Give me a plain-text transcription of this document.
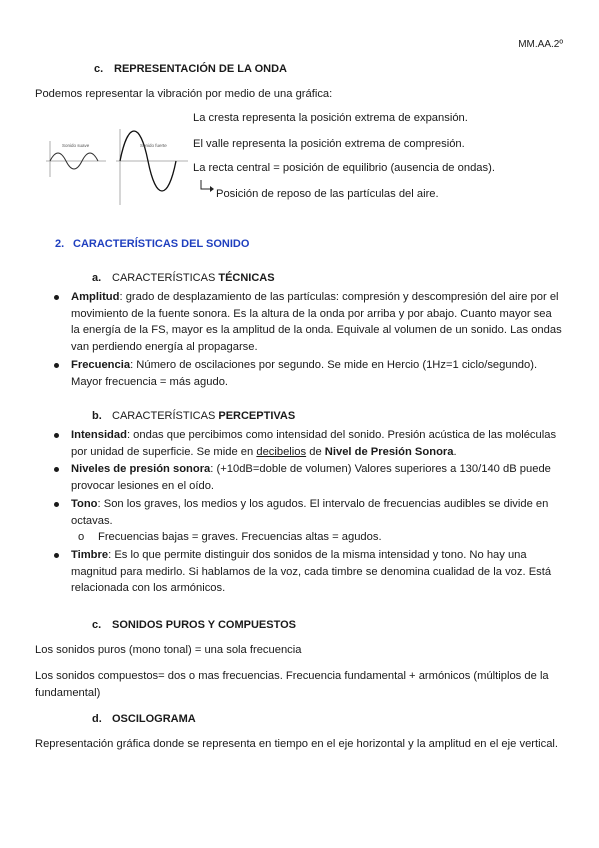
MM.AA.2º
c. REPRESENTACIÓN DE LA ONDA
Podemos representar la vibración por medio de una gráfica:
Sonido suave	Sonido fuerte
La cresta representa la posición extrema de expansión.
El valle representa la posición extrema de compresión.
La recta central = posición de equilibrio (ausencia de ondas).
Posición de reposo de las partículas del aire.
2. CARACTERÍSTICAS DEL SONIDO
a. CARACTERÍSTICAS TÉCNICAS
Amplitud: grado de desplazamiento de las partículas: compresión y descompresión del aire por el movimiento de la fuente sonora. Es la altura de la onda por arriba y por abajo. Cuanto mayor sea la energía de la FS, mayor es la amplitud de la onda. Equivale al volumen de un sonido. Las ondas van perdiendo energía al propagarse.
Frecuencia: Número de oscilaciones por segundo. Se mide en Hercio (1Hz=1 ciclo/segundo). Mayor frecuencia = más agudo.
b. CARACTERÍSTICAS PERCEPTIVAS
Intensidad: ondas que percibimos como intensidad del sonido. Presión acústica de las moléculas por unidad de superficie. Se mide en decibelios de Nivel de Presión Sonora.
Niveles de presión sonora: (+10dB=doble de volumen) Valores superiores a 130/140 dB puede provocar lesiones en el oído.
Tono: Son los graves, los medios y los agudos. El intervalo de frecuencias audibles se divide en octavas.
o Frecuencias bajas = graves. Frecuencias altas = agudos.
Timbre: Es lo que permite distinguir dos sonidos de la misma intensidad y tono. No hay una magnitud para medirlo. Si hablamos de la voz, cada timbre se denomina cualidad de la voz. Está relacionada con los armónicos.
c. SONIDOS PUROS Y COMPUESTOS
Los sonidos puros (mono tonal) = una sola frecuencia
Los sonidos compuestos= dos o mas frecuencias. Frecuencia fundamental + armónicos (múltiplos de la fundamental)
d. OSCILOGRAMA
Representación gráfica donde se representa en tiempo en el eje horizontal y la amplitud en el eje vertical.
